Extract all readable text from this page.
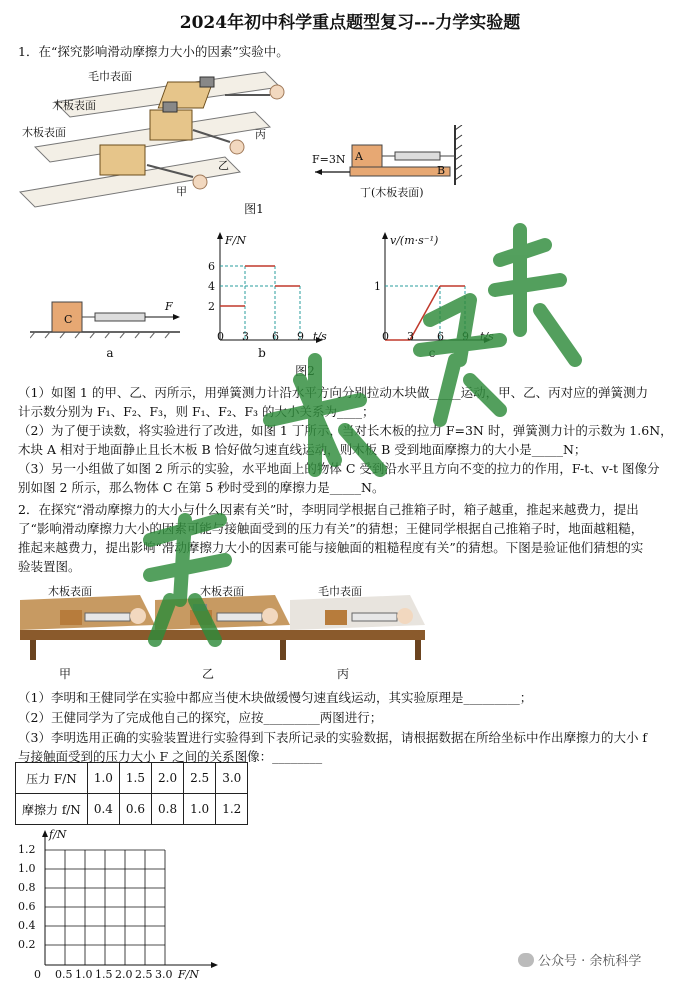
2024年初中科学重点题型复习---力学实验题
1．在“探究影响滑动摩擦力大小的因素”实验中。
毛巾表面
木板表面
木板表面
甲
乙
丙
图1
A
B
F=3N
丁(木板表面)
C
F
a
F/N
6
4
2
0 3 6 9 t/s
b
图2
v/(m·s⁻¹)
1
0 3 6 9 t/s
c
（1）如图 1 的甲、乙、丙所示，用弹簧测力计沿水平方向分别拉动木块做_____运动，甲、乙、丙对应的弹簧测力
计示数分别为 F₁、F₂、F₃，则 F₁、F₂、F₃ 的大小关系为____；
（2）为了便于读数，将实验进行了改进，如图 1 丁所示，当对长木板的拉力 F=3N 时，弹簧测力计的示数为 1.6N，
木块 A 相对于地面静止且长木板 B 恰好做匀速直线运动，则木板 B 受到地面摩擦力的大小是_____N；
（3）另一小组做了如图 2 所示的实验，水平地面上的物体 C 受到沿水平且方向不变的拉力的作用，F-t、v-t 图像分
别如图 2 所示，那么物体 C 在第 5 秒时受到的摩擦力是_____N。
2．在探究“滑动摩擦力的大小与什么因素有关”时，李明同学根据自己推箱子时，箱子越重，推起来越费力，提出
了“影响滑动摩擦力大小的因素可能与接触面受到的压力有关”的猜想；王健同学根据自己推箱子时，地面越粗糙，
推起来越费力，提出影响“滑动摩擦力大小的因素可能与接触面的粗糙程度有关”的猜想。下图是验证他们猜想的实
验装置图。
木板表面	木板表面	毛巾表面
甲	乙	丙
（1）李明和王健同学在实验中都应当使木块做缓慢匀速直线运动，其实验原理是_________；
（2）王健同学为了完成他自己的探究，应按_________两图进行；
（3）李明选用正确的实验装置进行实验得到下表所记录的实验数据，请根据数据在所给坐标中作出摩擦力的大小 f
与接触面受到的压力大小 F 之间的关系图像：________
压力 F/N	1.0	1.5	2.0	2.5	3.0
摩擦力 f/N	0.4	0.6	0.8	1.0	1.2
f/N
1.2
1.0
0.8
0.6
0.4
0.2
0 0.5 1.0 1.5 2.0 2.5 3.0 F/N
公众号 · 余杭科学
